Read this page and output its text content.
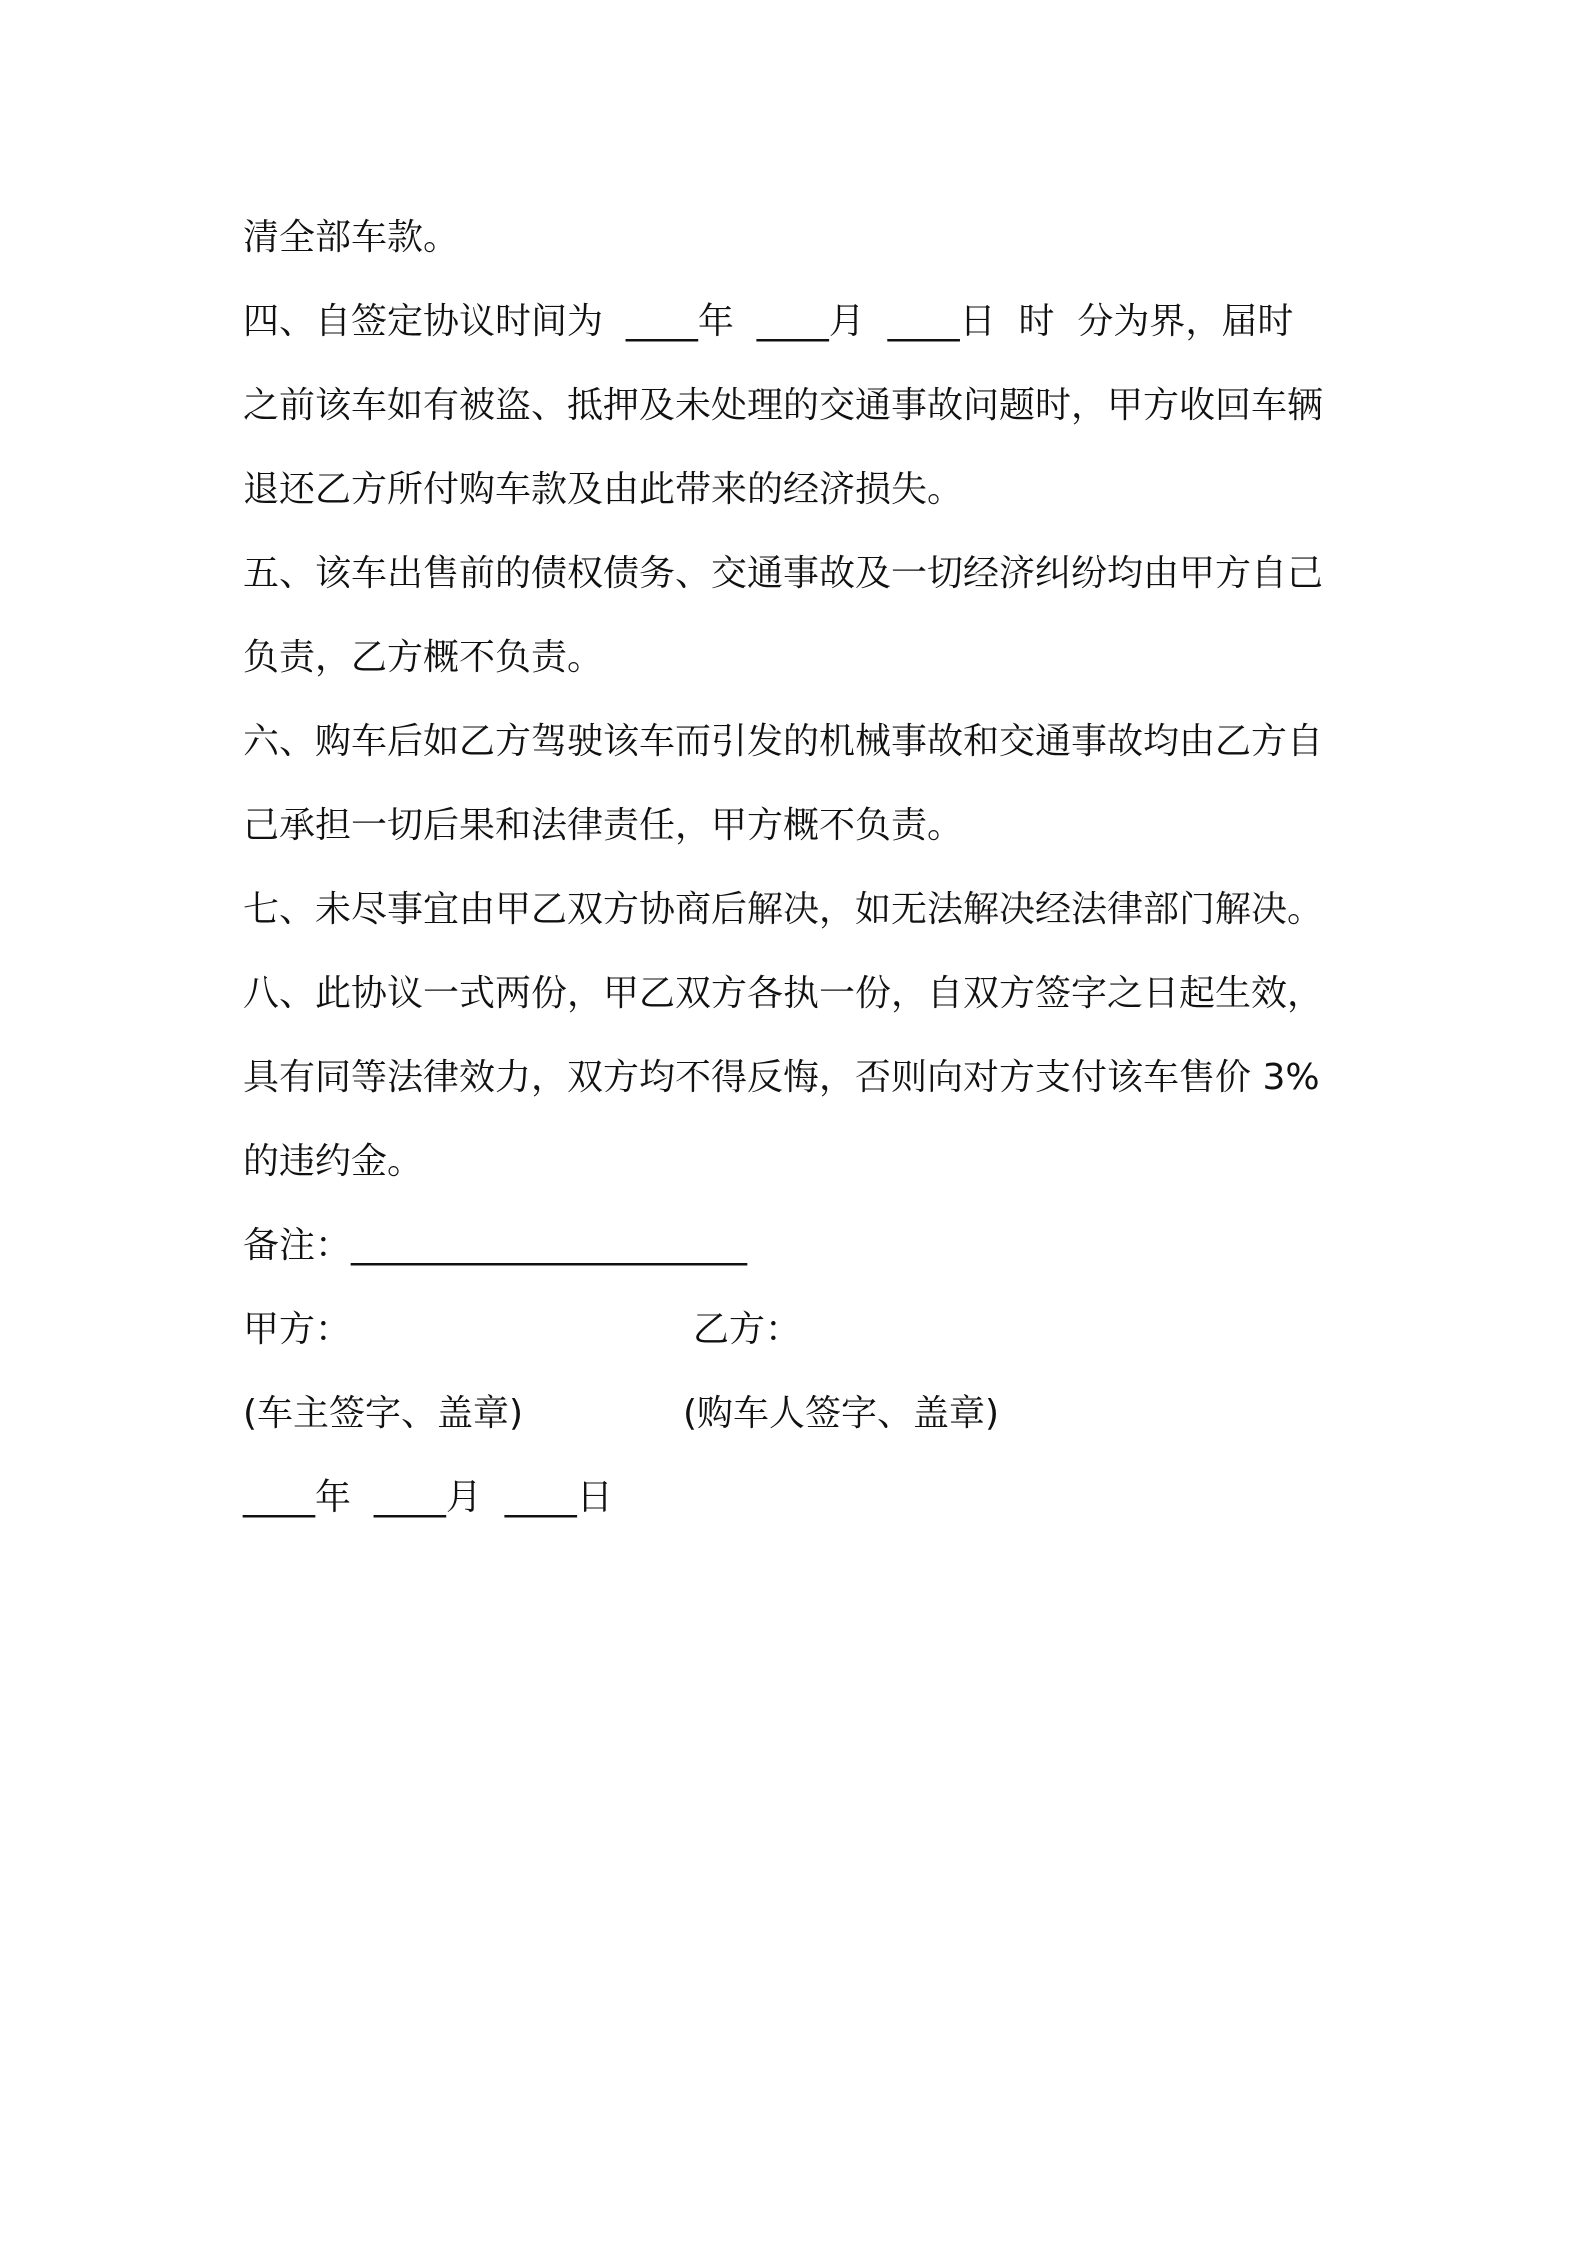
清全部车款。
四、自签定协议时间为  ____年  ____月  ____日  时  分为界，届时
之前该车如有被盗、抵押及未处理的交通事故问题时，甲方收回车辆
退还乙方所付购车款及由此带来的经济损失。
五、该车出售前的债权债务、交通事故及一切经济纠纷均由甲方自己
负责，乙方概不负责。
六、购车后如乙方驾驶该车而引发的机械事故和交通事故均由乙方自
己承担一切后果和法律责任，甲方概不负责。
七、未尽事宜由甲乙双方协商后解决，如无法解决经法律部门解决。
八、此协议一式两份，甲乙双方各执一份，自双方签字之日起生效，
具有同等法律效力，双方均不得反悔，否则向对方支付该车售价 3%
的违约金。
备注：______________________

甲方：

	乙方：

(车主签字、盖章)

	(购车人签字、盖章)

____年  ____月  ____日
